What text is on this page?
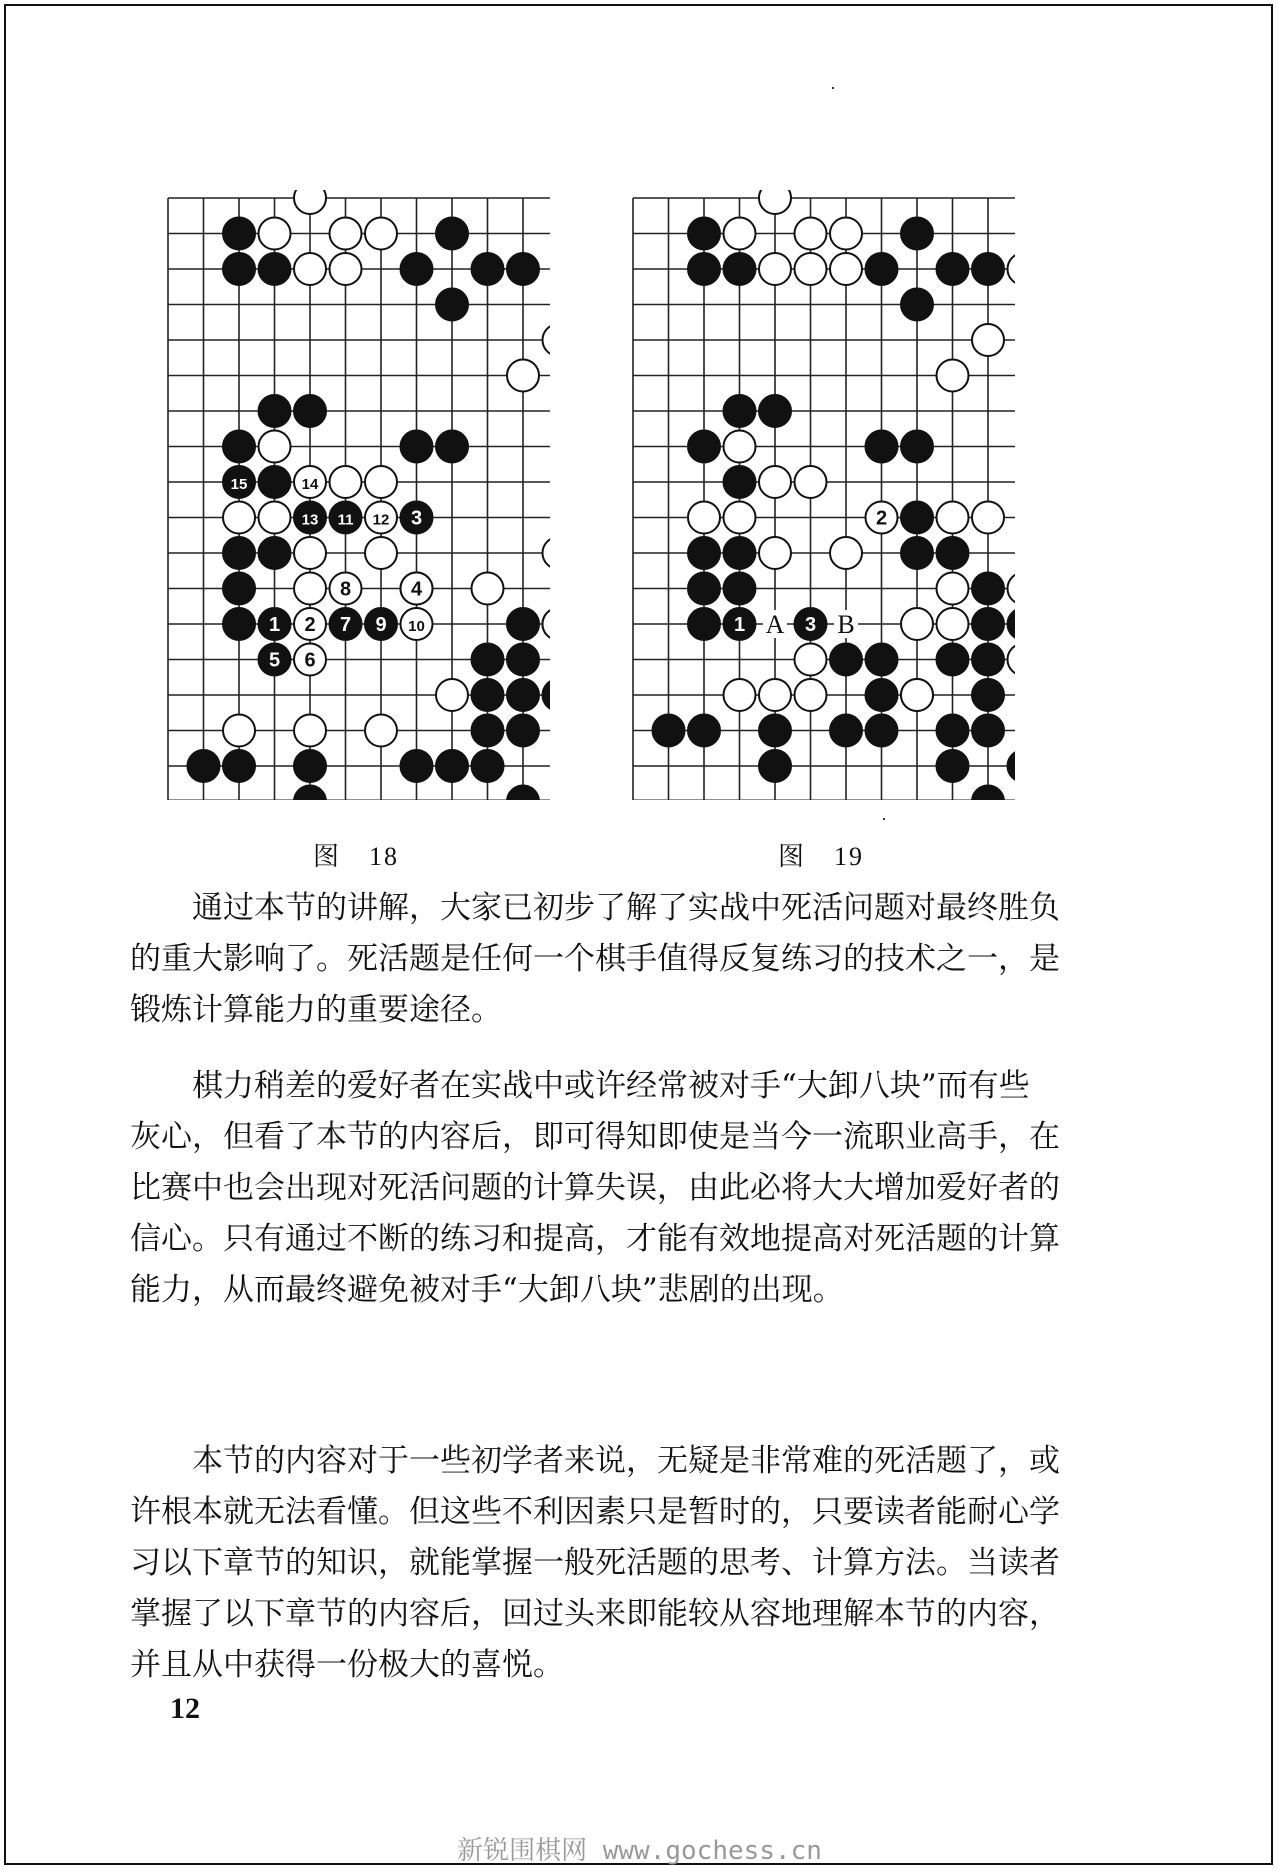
14
15
13 11 12 3
8	4
1 2 7 9 10
5 6
图 18
2
1	3
A B
图 19

通过本节的讲解，大家已初步了解了实战中死活问题对最终胜负的重大影响了。死活题是任何一个棋手值得反复练习的技术之一，是锻炼计算能力的重要途径。

棋力稍差的爱好者在实战中或许经常被对手“大卸八块”而有些灰心，但看了本节的内容后，即可得知即使是当今一流职业高手，在比赛中也会出现对死活问题的计算失误，由此必将大大增加爱好者的信心。只有通过不断的练习和提高，才能有效地提高对死活题的计算能力，从而最终避免被对手“大卸八块”悲剧的出现。

本节的内容对于一些初学者来说，无疑是非常难的死活题了，或许根本就无法看懂。但这些不利因素只是暂时的，只要读者能耐心学习以下章节的知识，就能掌握一般死活题的思考、计算方法。当读者掌握了以下章节的内容后，回过头来即能较从容地理解本节的内容，并且从中获得一份极大的喜悦。

12
新锐围棋网 www.gochess.cn
